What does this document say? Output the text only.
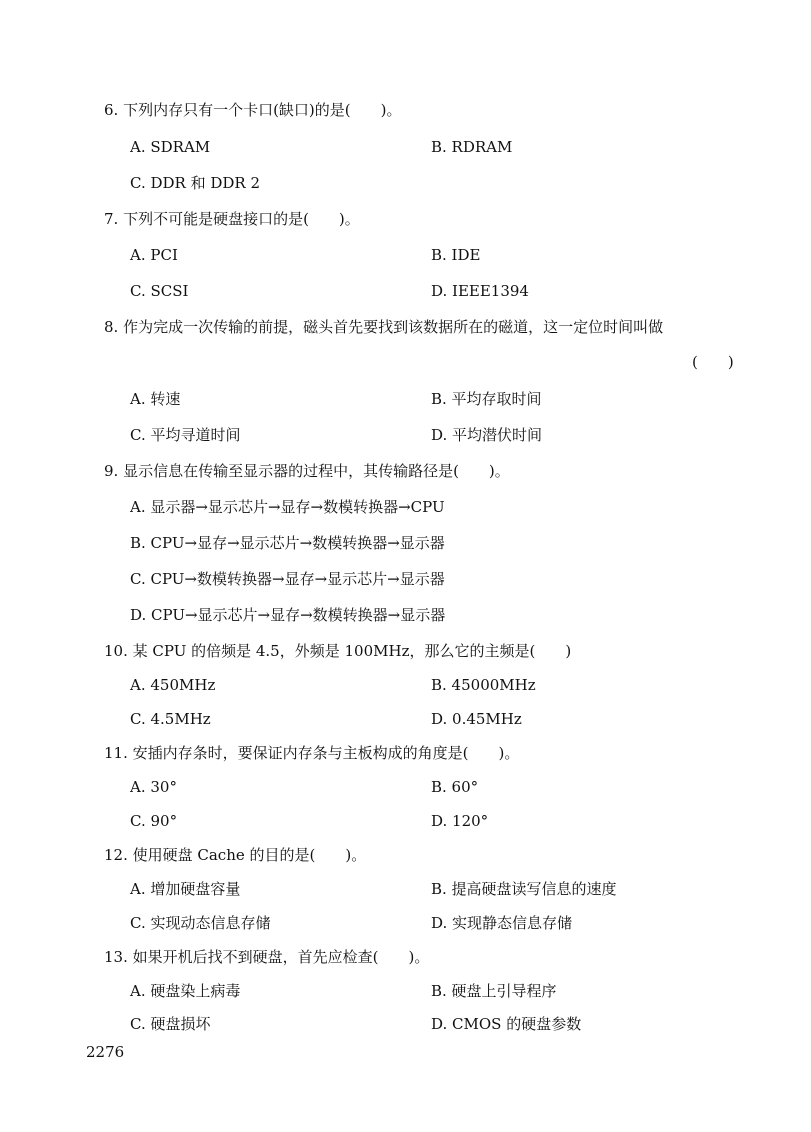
6. 下列内存只有一个卡口(缺口)的是(　　)。
A. SDRAM	B. RDRAM
C. DDR 和 DDR 2
7. 下列不可能是硬盘接口的是(　　)。
A. PCI	B. IDE
C. SCSI	D. IEEE1394
8. 作为完成一次传输的前提，磁头首先要找到该数据所在的磁道，这一定位时间叫做
(　　)
A. 转速	B. 平均存取时间
C. 平均寻道时间	D. 平均潜伏时间
9. 显示信息在传输至显示器的过程中，其传输路径是(　　)。
A. 显示器→显示芯片→显存→数模转换器→CPU
B. CPU→显存→显示芯片→数模转换器→显示器
C. CPU→数模转换器→显存→显示芯片→显示器
D. CPU→显示芯片→显存→数模转换器→显示器
10. 某 CPU 的倍频是 4.5，外频是 100MHz，那么它的主频是(　　)
A. 450MHz	B. 45000MHz
C. 4.5MHz	D. 0.45MHz
11. 安插内存条时，要保证内存条与主板构成的角度是(　　)。
A. 30°	B. 60°
C. 90°	D. 120°
12. 使用硬盘 Cache 的目的是(　　)。
A. 增加硬盘容量	B. 提高硬盘读写信息的速度
C. 实现动态信息存储	D. 实现静态信息存储
13. 如果开机后找不到硬盘，首先应检查(　　)。
A. 硬盘染上病毒	B. 硬盘上引导程序
C. 硬盘损坏	D. CMOS 的硬盘参数
2276
